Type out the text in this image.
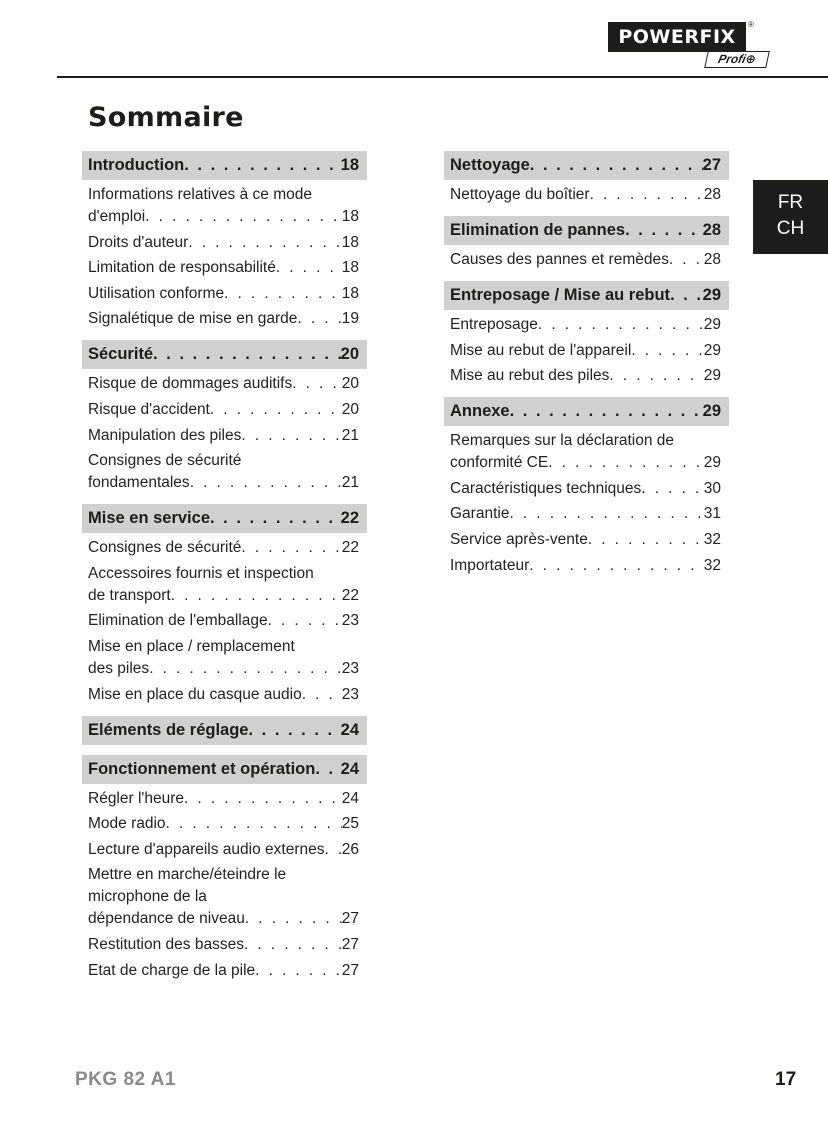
POWERFIX
®
Profi⊕
Sommaire
FR
CH
Introduction . . .	18
Informations relatives à ce mode
d'emploi . . .	18
Droits d'auteur . . .	18
Limitation de responsabilité . . .	18
Utilisation conforme . . .	18
Signalétique de mise en garde . . .	19
Sécurité . . .	20
Risque de dommages auditifs . . .	20
Risque d'accident . . .	20
Manipulation des piles . . .	21
Consignes de sécurité
fondamentales . . .	21
Mise en service . . .	22
Consignes de sécurité . . .	22
Accessoires fournis et inspection
de transport . . .	22
Elimination de l'emballage . . .	23
Mise en place / remplacement
des piles . . .	23
Mise en place du casque audio . . .	23
Eléments de réglage . . .	24
Fonctionnement et opération . . . 24
Régler l'heure . . .	24
Mode radio . . .	25
Lecture d'appareils audio externes . . . 26
Mettre en marche/éteindre le
microphone de la
dépendance de niveau . . .	27
Restitution des basses . . .	27
Etat de charge de la pile . . .	27
Nettoyage . . .	27
Nettoyage du boîtier . . .	28
Elimination de pannes . . .	28
Causes des pannes et remèdes . . . 28
Entreposage / Mise au rebut . . . 29
Entreposage . . .	29
Mise au rebut de l'appareil . . .	29
Mise au rebut des piles . . .	29
Annexe . . .	29
Remarques sur la déclaration de
conformité CE . . .	29
Caractéristiques techniques . . .	30
Garantie . . .	31
Service après-vente . . .	32
Importateur . . .	32
PKG 82 A1	17
